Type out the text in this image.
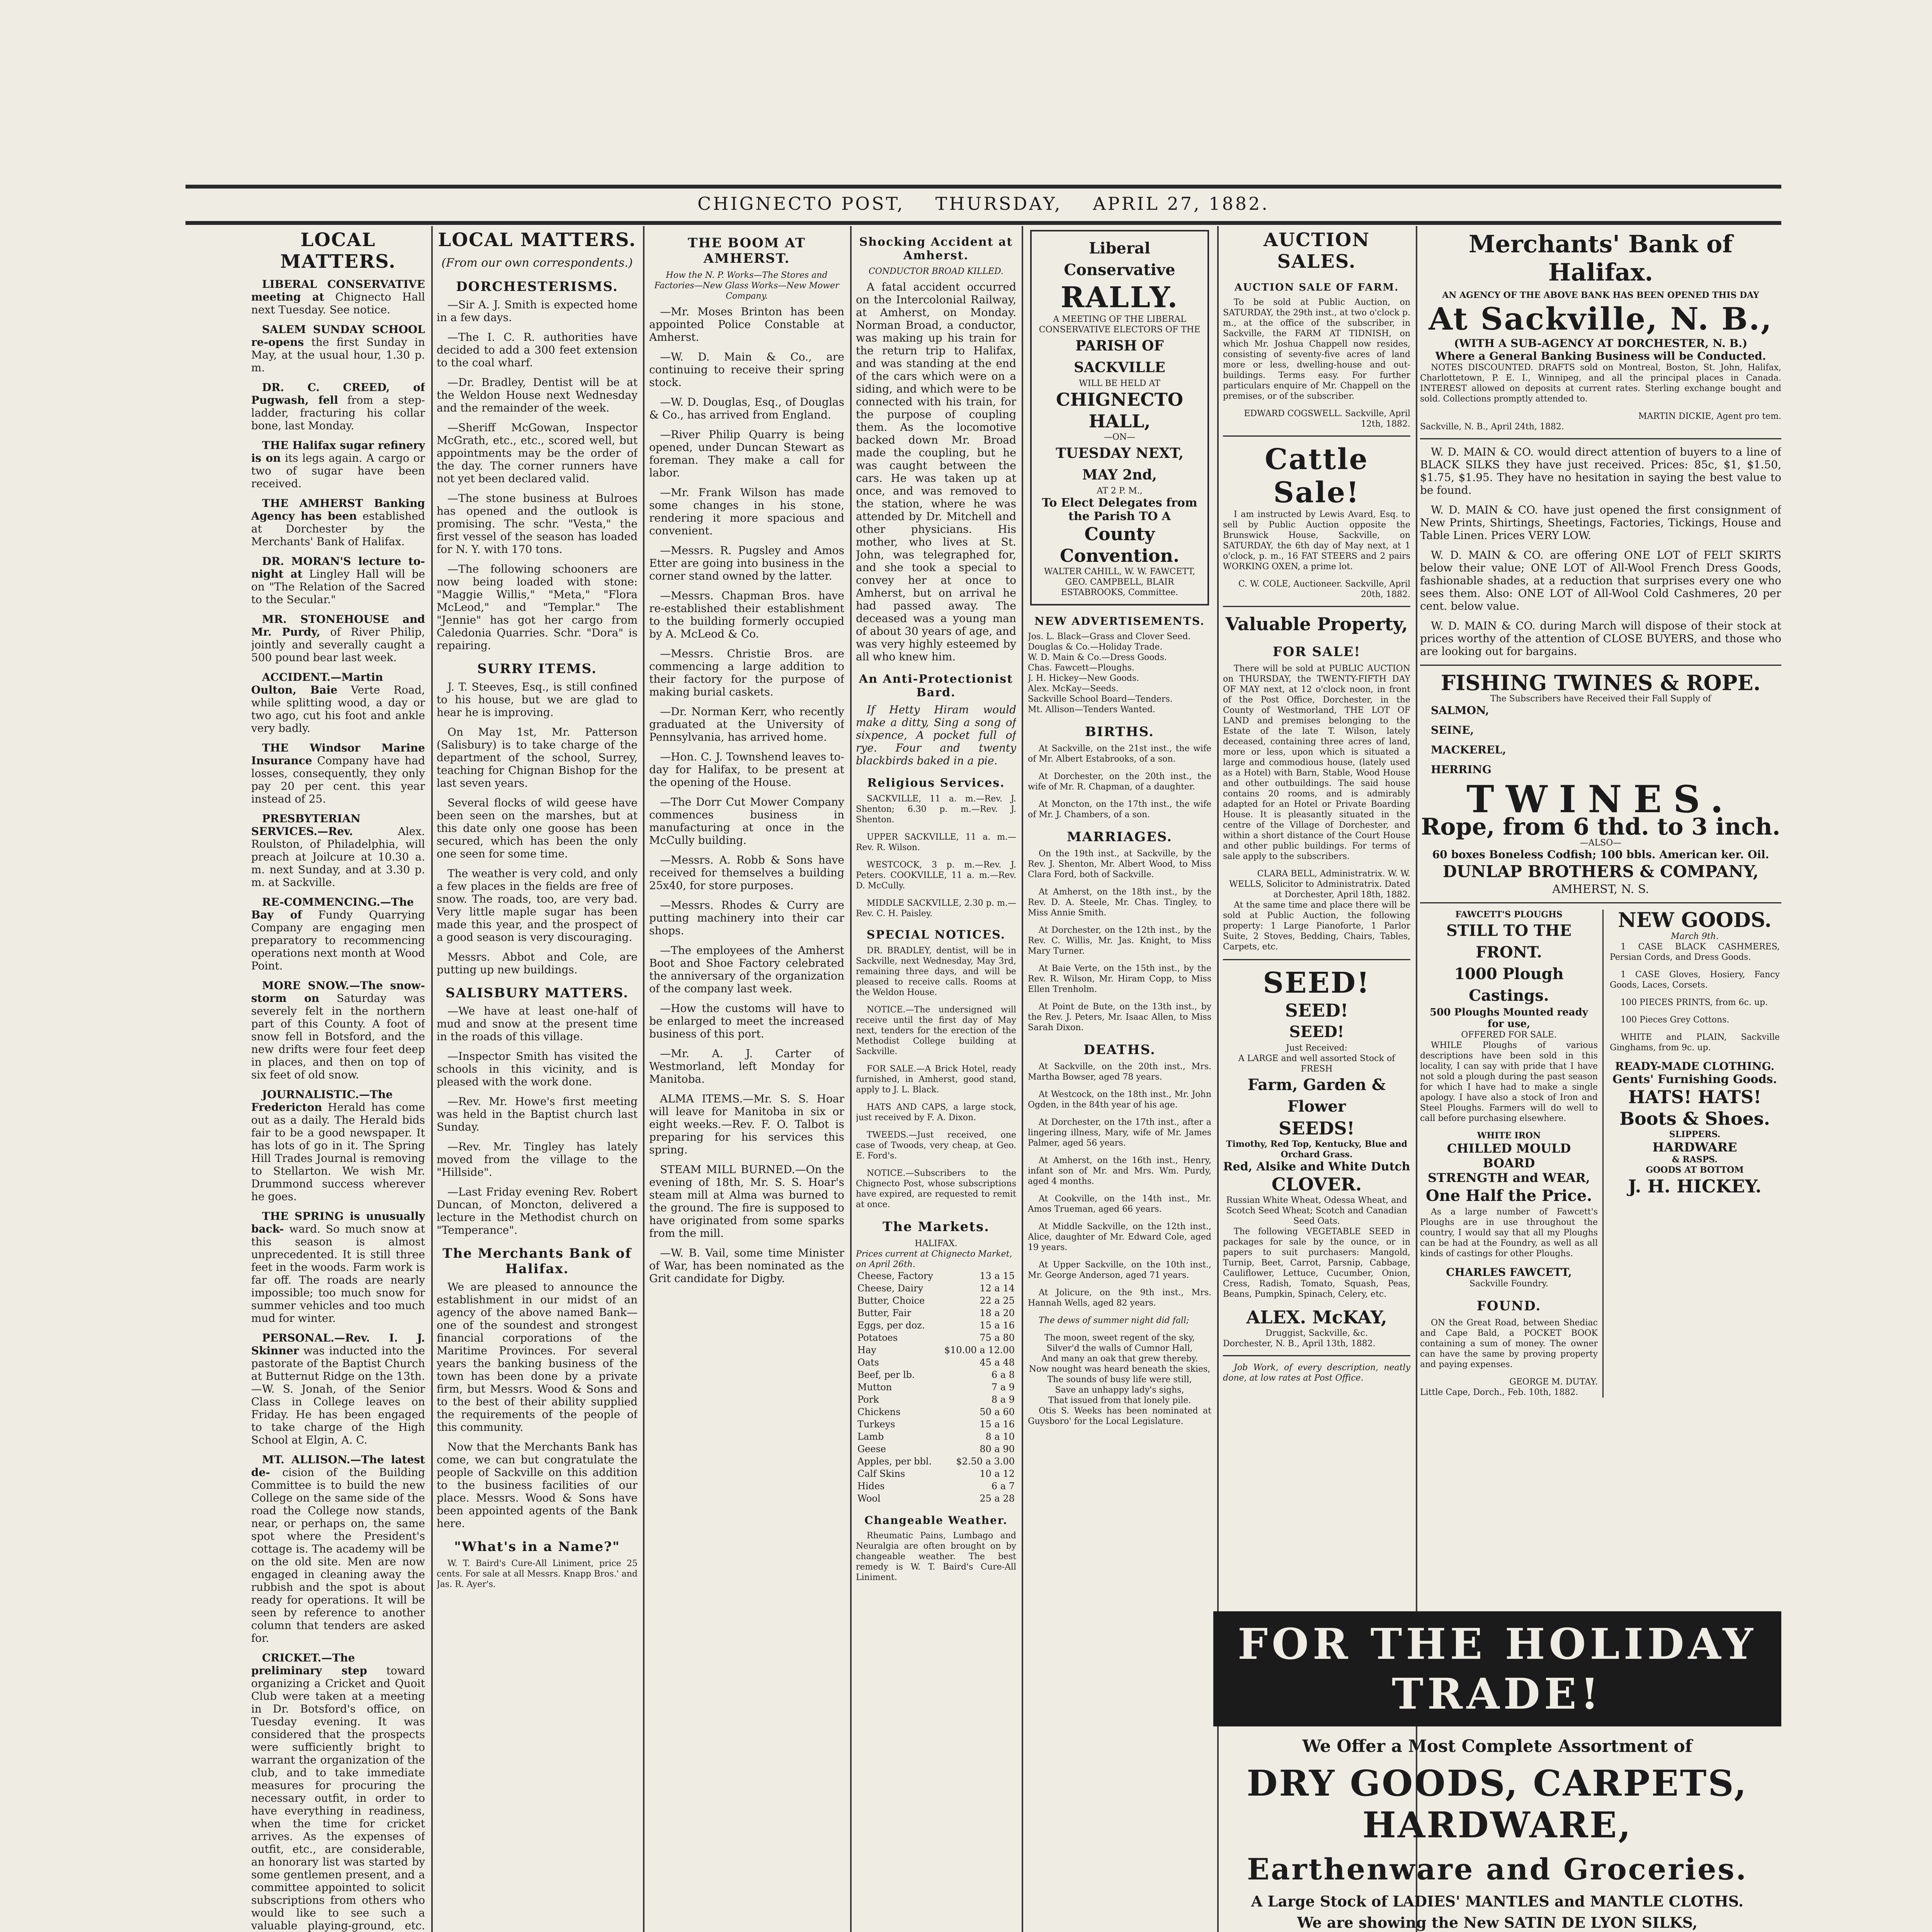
CHIGNECTO POST, THURSDAY, APRIL 27, 1882.
LOCAL MATTERS.
LIBERAL CONSERVATIVE meeting at Chignecto Hall next Tuesday. See notice.
SALEM SUNDAY SCHOOL re-opens the first Sunday in May, at the usual hour, 1.30 p. m.
DR. C. CREED, of Pugwash, fell from a step-ladder, fracturing his collar bone, last Monday.
THE Halifax sugar refinery is on its legs again. A cargo or two of sugar have been received.
THE AMHERST Banking Agency has been established at Dorchester by the Merchants' Bank of Halifax.
DR. MORAN'S lecture to-night at Lingley Hall will be on "The Relation of the Sacred to the Secular."
MR. STONEHOUSE and Mr. Purdy, of River Philip, jointly and severally caught a 500 pound bear last week.
ACCIDENT.—Martin Oulton, Baie Verte Road, while splitting wood, a day or two ago, cut his foot and ankle very badly.
THE Windsor Marine Insurance Company have had losses, consequently, they only pay 20 per cent. this year instead of 25.
PRESBYTERIAN SERVICES.—Rev.	Alex. Roulston, of Philadelphia, will preach at Joilcure at 10.30 a. m. next Sunday, and at 3.30 p. m. at Sackville.
RE-COMMENCING.—The Bay of Fundy Quarrying Company are engaging men preparatory to recommencing operations next month at Wood Point.
MORE SNOW.—The snow-storm on Saturday was severely felt in the northern part of this County. A foot of snow fell in Botsford, and the new drifts were four feet deep in places, and then on top of six feet of old snow.
JOURNALISTIC.—The Fredericton Herald has come out as a daily. The Herald bids fair to be a good newspaper. It has lots of go in it. The Spring Hill Trades Journal is removing to Stellarton. We wish Mr. Drummond success wherever he goes.
THE SPRING is unusually back- ward. So much snow at this season is almost unprecedented. It is still three feet in the woods. Farm work is far off. The roads are nearly impossible; too much snow for summer vehicles and too much mud for winter.
PERSONAL.—Rev. I. J. Skinner was inducted into the pastorate of the Baptist Church at Butternut Ridge on the 13th.—W. S. Jonah, of the Senior Class in College leaves on Friday. He has been engaged to take charge of the High School at Elgin, A. C.
MT. ALLISON.—The latest de- cision of the Building Committee is to build the new College on the same side of the road the College now stands, near, or perhaps on, the same spot where the President's cottage is. The academy will be on the old site. Men are now engaged in cleaning away the rubbish and the spot is about ready for operations. It will be seen by reference to another column that tenders are asked for.
CRICKET.—The preliminary step toward organizing a Cricket and Quoit Club were taken at a meeting in Dr. Botsford's office, on Tuesday evening. It was considered that the prospects were sufficiently bright to warrant the organization of the club, and to take immediate measures for procuring the necessary outfit, in order to have everything in readiness, when the time for cricket arrives. As the expenses of outfit, etc., are considerable, an honorary list was started by some gentlemen present, and a committee appointed to solicit subscriptions from others who would like to see such a valuable playing-ground, etc.
LOCAL MATTERS.
(From our own correspondents.)
DORCHESTERISMS.
—Sir A. J. Smith is expected home in a few days.
—The I. C. R. authorities have decided to add a 300 feet extension to the coal wharf.
—Dr. Bradley, Dentist will be at the Weldon House next Wednesday and the remainder of the week.
—Sheriff McGowan, Inspector McGrath, etc., etc., scored well, but appointments may be the order of the day. The corner runners have not yet been declared valid.
—The stone business at Bulroes has opened and the outlook is promising. The schr. "Vesta," the first vessel of the season has loaded for N. Y. with 170 tons.
—The following schooners are now being loaded with stone: "Maggie Willis," "Meta," "Flora McLeod," and "Templar." The "Jennie" has got her cargo from Caledonia Quarries. Schr. "Dora" is repairing.
SURRY ITEMS.
J. T. Steeves, Esq., is still confined to his house, but we are glad to hear he is improving.
On May 1st, Mr. Patterson (Salisbury) is to take charge of the department of the school, Surrey, teaching for Chignan Bishop for the last seven years.
Several flocks of wild geese have been seen on the marshes, but at this date only one goose has been secured, which has been the only one seen for some time.
The weather is very cold, and only a few places in the fields are free of snow. The roads, too, are very bad. Very little maple sugar has been made this year, and the prospect of a good season is very discouraging.
Messrs. Abbot and Cole, are putting up new buildings.
SALISBURY MATTERS.
—We have at least one-half of mud and snow at the present time in the roads of this village.
—Inspector Smith has visited the schools in this vicinity, and is pleased with the work done.
—Rev. Mr. Howe's first meeting was held in the Baptist church last Sunday.
—Rev. Mr. Tingley has lately moved from the village to the "Hillside".
—Last Friday evening Rev. Robert Duncan, of Moncton, delivered a lecture in the Methodist church on "Temperance".
The Merchants Bank of Halifax.
We are pleased to announce the establishment in our midst of an agency of the above named Bank—one of the soundest and strongest financial corporations of the Maritime Provinces. For several years the banking business of the town has been done by a private firm, but Messrs. Wood & Sons and to the best of their ability supplied the requirements of the people of this community.
Now that the Merchants Bank has come, we can but congratulate the people of Sackville on this addition to the business facilities of our place. Messrs. Wood & Sons have been appointed agents of the Bank here.
"What's in a Name?"
W. T. Baird's Cure-All Liniment, price 25 cents. For sale at all Messrs. Knapp Bros.' and Jas. R. Ayer's.
THE BOOM AT AMHERST.
How the N. P. Works—The Stores and Factories—New Glass Works—New Mower Company.
—Mr. Moses Brinton has been appointed Police Constable at Amherst.
—W. D. Main & Co., are continuing to receive their spring stock.
—W. D. Douglas, Esq., of Douglas & Co., has arrived from England.
—River Philip Quarry is being opened, under Duncan Stewart as foreman. They make a call for labor.
—Mr. Frank Wilson has made some changes in his stone, rendering it more spacious and convenient.
—Messrs. R. Pugsley and Amos Etter are going into business in the corner stand owned by the latter.
—Messrs. Chapman Bros. have re-established their establishment to the building formerly occupied by A. McLeod & Co.
—Messrs. Christie Bros. are commencing a large addition to their factory for the purpose of making burial caskets.
—Dr. Norman Kerr, who recently graduated at the University of Pennsylvania, has arrived home.
—Hon. C. J. Townshend leaves to-day for Halifax, to be present at the opening of the House.
—The Dorr Cut Mower Company commences business in manufacturing at once in the McCully building.
—Messrs. A. Robb & Sons have received for themselves a building 25x40, for store purposes.
—Messrs. Rhodes & Curry are putting machinery into their car shops.
—The employees of the Amherst Boot and Shoe Factory celebrated the anniversary of the organization of the company last week.
—How the customs will have to be enlarged to meet the increased business of this port.
—Mr. A. J. Carter of Westmorland, left Monday for Manitoba.
ALMA ITEMS.—Mr. S. S. Hoar will leave for Manitoba in six or eight weeks.—Rev. F. O. Talbot is preparing for his services this spring.
STEAM MILL BURNED.—On the evening of 18th, Mr. S. S. Hoar's steam mill at Alma was burned to the ground. The fire is supposed to have originated from some sparks from the mill.
—W. B. Vail, some time Minister of War, has been nominated as the Grit candidate for Digby.
Shocking Accident at Amherst.
CONDUCTOR BROAD KILLED.
A fatal accident occurred on the Intercolonial Railway, at Amherst, on Monday. Norman Broad, a conductor, was making up his train for the return trip to Halifax, and was standing at the end of the cars which were on a siding, and which were to be connected with his train, for the purpose of coupling them. As the locomotive backed down Mr. Broad made the coupling, but he was caught between the cars. He was taken up at once, and was removed to the station, where he was attended by Dr. Mitchell and other physicians. His mother, who lives at St. John, was telegraphed for, and she took a special to convey her at once to Amherst, but on arrival he had passed away. The deceased was a young man of about 30 years of age, and was very highly esteemed by all who knew him.
An Anti-Protectionist Bard.
If Hetty Hiram would make a ditty, Sing a song of sixpence, A pocket full of rye. Four and twenty blackbirds baked in a pie.
Religious Services.
SACKVILLE, 11 a. m.—Rev. J. Shenton; 6.30 p. m.—Rev. J. Shenton.
UPPER SACKVILLE, 11 a. m.—Rev. R. Wilson.
WESTCOCK, 3 p. m.—Rev. J. Peters. COOKVILLE, 11 a. m.—Rev. D. McCully.
MIDDLE SACKVILLE, 2.30 p. m.—Rev. C. H. Paisley.
SPECIAL NOTICES.
DR. BRADLEY, dentist, will be in Sackville, next Wednesday, May 3rd, remaining three days, and will be pleased to receive calls. Rooms at the Weldon House.
NOTICE.—The undersigned will receive until the first day of May next, tenders for the erection of the Methodist College building at Sackville.
FOR SALE.—A Brick Hotel, ready furnished, in Amherst, good stand, apply to J. L. Black.
HATS AND CAPS, a large stock, just received by F. A. Dixon.
TWEEDS.—Just received, one case of Twoods, very cheap, at Geo. E. Ford's.
NOTICE.—Subscribers to the Chignecto Post, whose subscriptions have expired, are requested to remit at once.
The Markets.
HALIFAX.
Prices current at Chignecto Market, on April 26th.
Cheese, Factory	13 a 15
Cheese, Dairy	12 a 14
Butter, Choice	22 a 25
Butter, Fair	18 a 20
Eggs, per doz.	15 a 16
Potatoes	75 a 80
Hay	$10.00 a 12.00
Oats	45 a 48
Beef, per lb.	6 a 8
Mutton	7 a 9
Pork	8 a 9
Chickens	50 a 60
Turkeys	15 a 16
Lamb	8 a 10
Geese	80 a 90
Apples, per bbl.	$2.50 a 3.00
Calf Skins	10 a 12
Hides	6 a 7
Wool	25 a 28
Changeable Weather.
Rheumatic Pains, Lumbago and Neuralgia are often brought on by changeable weather. The best remedy is W. T. Baird's Cure-All Liniment.
Liberal Conservative
RALLY.
A MEETING OF THE LIBERAL CONSERVATIVE ELECTORS OF THE
PARISH OF SACKVILLE
WILL BE HELD AT
CHIGNECTO HALL,
—ON—
TUESDAY NEXT, MAY 2nd,
AT 2 P. M.,
To Elect Delegates from the Parish TO A
County Convention.
WALTER CAHILL, W. W. FAWCETT, GEO. CAMPBELL, BLAIR ESTABROOKS, Committee.
NEW ADVERTISEMENTS.
Jos. L. Black—Grass and Clover Seed.
Douglas & Co.—Holiday Trade.
W. D. Main & Co.—Dress Goods.
Chas. Fawcett—Ploughs.
J. H. Hickey—New Goods.
Alex. McKay—Seeds.
Sackville School Board—Tenders.
Mt. Allison—Tenders Wanted.
BIRTHS.
At Sackville, on the 21st inst., the wife of Mr. Albert Estabrooks, of a son.
At Dorchester, on the 20th inst., the wife of Mr. R. Chapman, of a daughter.
At Moncton, on the 17th inst., the wife of Mr. J. Chambers, of a son.
MARRIAGES.
On the 19th inst., at Sackville, by the Rev. J. Shenton, Mr. Albert Wood, to Miss Clara Ford, both of Sackville.
At Amherst, on the 18th inst., by the Rev. D. A. Steele, Mr. Chas. Tingley, to Miss Annie Smith.
At Dorchester, on the 12th inst., by the Rev. C. Willis, Mr. Jas. Knight, to Miss Mary Turner.
At Baie Verte, on the 15th inst., by the Rev. R. Wilson, Mr. Hiram Copp, to Miss Ellen Trenholm.
At Point de Bute, on the 13th inst., by the Rev. J. Peters, Mr. Isaac Allen, to Miss Sarah Dixon.
DEATHS.
At Sackville, on the 20th inst., Mrs. Martha Bowser, aged 78 years.
At Westcock, on the 18th inst., Mr. John Ogden, in the 84th year of his age.
At Dorchester, on the 17th inst., after a lingering illness, Mary, wife of Mr. James Palmer, aged 56 years.
At Amherst, on the 16th inst., Henry, infant son of Mr. and Mrs. Wm. Purdy, aged 4 months.
At Cookville, on the 14th inst., Mr. Amos Trueman, aged 66 years.
At Middle Sackville, on the 12th inst., Alice, daughter of Mr. Edward Cole, aged 19 years.
At Upper Sackville, on the 10th inst., Mr. George Anderson, aged 71 years.
At Jolicure, on the 9th inst., Mrs. Hannah Wells, aged 82 years.
The dews of summer night did fall;
The moon, sweet regent of the sky,
Silver'd the walls of Cumnor Hall,
And many an oak that grew thereby.
Now nought was heard beneath the skies,
The sounds of busy life were still,
Save an unhappy lady's sighs,
That issued from that lonely pile.
Otis S. Weeks has been nominated at Guysboro' for the Local Legislature.
AUCTION SALES.
AUCTION SALE OF FARM.
To be sold at Public Auction, on SATURDAY, the 29th inst., at two o'clock p. m., at the office of the subscriber, in Sackville, the FARM AT TIDNISH, on which Mr. Joshua Chappell now resides, consisting of seventy-five acres of land more or less, dwelling-house and out-buildings. Terms easy. For further particulars enquire of Mr. Chappell on the premises, or of the subscriber.
EDWARD COGSWELL. Sackville, April 12th, 1882.
Cattle Sale!
I am instructed by Lewis Avard, Esq. to sell by Public Auction opposite the Brunswick House, Sackville, on SATURDAY, the 6th day of May next, at 1 o'clock, p. m., 16 FAT STEERS and 2 pairs WORKING OXEN, a prime lot.
C. W. COLE, Auctioneer. Sackville, April 20th, 1882.
Valuable Property,
FOR SALE!
There will be sold at PUBLIC AUCTION on THURSDAY, the TWENTY-FIFTH DAY OF MAY next, at 12 o'clock noon, in front of the Post Office, Dorchester, in the County of Westmorland, THE LOT OF LAND and premises belonging to the Estate of the late T. Wilson, lately deceased, containing three acres of land, more or less, upon which is situated a large and commodious house, (lately used as a Hotel) with Barn, Stable, Wood House and other outbuildings. The said house contains 20 rooms, and is admirably adapted for an Hotel or Private Boarding House. It is pleasantly situated in the centre of the Village of Dorchester, and within a short distance of the Court House and other public buildings. For terms of sale apply to the subscribers.
CLARA BELL, Administratrix. W. W. WELLS, Solicitor to Administratrix. Dated at Dorchester, April 18th, 1882.
At the same time and place there will be sold at Public Auction, the following property: 1 Large Pianoforte, 1 Parlor Suite, 2 Stoves, Bedding, Chairs, Tables, Carpets, etc.
SEED!
SEED!
SEED!
Just Received:
A LARGE and well assorted Stock of FRESH
Farm, Garden & Flower
SEEDS!
Timothy, Red Top, Kentucky, Blue and Orchard Grass.
Red, Alsike and White Dutch
CLOVER.
Russian White Wheat, Odessa Wheat, and Scotch Seed Wheat; Scotch and Canadian Seed Oats.
The following VEGETABLE SEED in packages for sale by the ounce, or in papers to suit purchasers: Mangold, Turnip, Beet, Carrot, Parsnip, Cabbage, Cauliflower, Lettuce, Cucumber, Onion, Cress, Radish, Tomato, Squash, Peas, Beans, Pumpkin, Spinach, Celery, etc.
ALEX. McKAY,
Druggist, Sackville, &c.
Dorchester, N. B., April 13th, 1882.
Job Work, of every description, neatly done, at low rates at Post Office.
Merchants' Bank of Halifax.
AN AGENCY OF THE ABOVE BANK HAS BEEN OPENED THIS DAY
At Sackville, N. B.,
(WITH A SUB-AGENCY AT DORCHESTER, N. B.)
Where a General Banking Business will be Conducted.
NOTES DISCOUNTED. DRAFTS sold on Montreal, Boston, St. John, Halifax, Charlottetown, P. E. I., Winnipeg, and all the principal places in Canada. INTEREST allowed on deposits at current rates. Sterling exchange bought and sold. Collections promptly attended to.
MARTIN DICKIE, Agent pro tem.
Sackville, N. B., April 24th, 1882.
W. D. MAIN & CO. would direct attention of buyers to a line of BLACK SILKS they have just received. Prices: 85c, $1, $1.50, $1.75, $1.95. They have no hesitation in saying the best value to be found.
W. D. MAIN & CO. have just opened the first consignment of New Prints, Shirtings, Sheetings, Factories, Tickings, House and Table Linen. Prices VERY LOW.
W. D. MAIN & CO. are offering ONE LOT of FELT SKIRTS below their value; ONE LOT of All-Wool French Dress Goods, fashionable shades, at a reduction that surprises every one who sees them. Also: ONE LOT of All-Wool Cold Cashmeres, 20 per cent. below value.
W. D. MAIN & CO. during March will dispose of their stock at prices worthy of the attention of CLOSE BUYERS, and those who are looking out for bargains.
FISHING TWINES & ROPE.
The Subscribers have Received their Fall Supply of
SALMON,
SEINE,
MACKEREL,
HERRING
TWINES.
Rope, from 6 thd. to 3 inch.
—ALSO—
60 boxes Boneless Codfish; 100 bbls. American ker. Oil.
DUNLAP BROTHERS & COMPANY,
AMHERST, N. S.
FAWCETT'S PLOUGHS
STILL TO THE FRONT.
1000 Plough Castings.
500 Ploughs Mounted ready for use,
OFFERED FOR SALE.
WHILE Ploughs of various descriptions have been sold in this locality, I can say with pride that I have not sold a plough during the past season for which I have had to make a single apology. I have also a stock of Iron and Steel Ploughs. Farmers will do well to call before purchasing elsewhere.
WHITE IRON
CHILLED MOULD BOARD
STRENGTH and WEAR,
One Half the Price.
As a large number of Fawcett's Ploughs are in use throughout the country, I would say that all my Ploughs can be had at the Foundry, as well as all kinds of castings for other Ploughs.
CHARLES FAWCETT,
Sackville Foundry.
FOUND.
ON the Great Road, between Shediac and Cape Bald, a POCKET BOOK containing a sum of money. The owner can have the same by proving property and paying expenses.
GEORGE M. DUTAY.
Little Cape, Dorch., Feb. 10th, 1882.
NEW GOODS.
March 9th.
1 CASE BLACK CASHMERES, Persian Cords, and Dress Goods.
1 CASE Gloves, Hosiery, Fancy Goods, Laces, Corsets.
100 PIECES PRINTS, from 6c. up.
100 Pieces Grey Cottons.
WHITE and PLAIN, Sackville Ginghams, from 9c. up.
READY-MADE CLOTHING.
Gents' Furnishing Goods.
HATS! HATS!
Boots & Shoes.
SLIPPERS.
HARDWARE
& RASPS.
GOODS AT BOTTOM
J. H. HICKEY.
FOR THE HOLIDAY TRADE!
We Offer a Most Complete Assortment of
DRY GOODS, CARPETS, HARDWARE,
Earthenware and Groceries.
A Large Stock of LADIES' MANTLES and MANTLE CLOTHS.
We are showing the New SATIN DE LYON SILKS,
